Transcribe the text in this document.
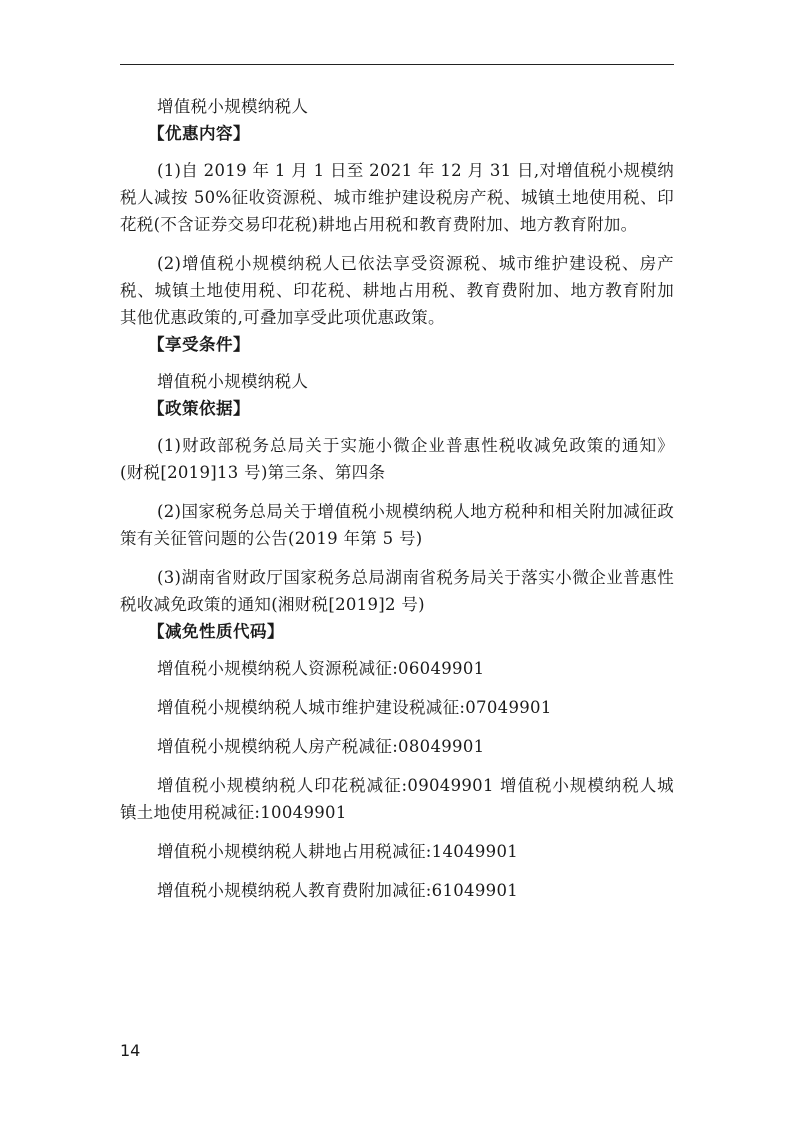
增值税小规模纳税人

【优惠内容】

(1)自 2019 年 1 月 1 日至 2021 年 12 月 31 日,对增值税小规模纳税人减按 50%征收资源税、城市维护建设税房产税、城镇土地使用税、印花税(不含证券交易印花税)耕地占用税和教育费附加、地方教育附加。

(2)增值税小规模纳税人已依法享受资源税、城市维护建设税、房产税、城镇土地使用税、印花税、耕地占用税、教育费附加、地方教育附加其他优惠政策的,可叠加享受此项优惠政策。

【享受条件】

增值税小规模纳税人

【政策依据】

(1)财政部税务总局关于实施小微企业普惠性税收减免政策的通知》(财税[2019]13 号)第三条、第四条

(2)国家税务总局关于增值税小规模纳税人地方税种和相关附加减征政策有关征管问题的公告(2019 年第 5 号)

(3)湖南省财政厅国家税务总局湖南省税务局关于落实小微企业普惠性税收减免政策的通知(湘财税[2019]2 号)

【减免性质代码】

增值税小规模纳税人资源税减征:06049901

增值税小规模纳税人城市维护建设税减征:07049901

增值税小规模纳税人房产税减征:08049901

增值税小规模纳税人印花税减征:09049901 增值税小规模纳税人城镇土地使用税减征:10049901

增值税小规模纳税人耕地占用税减征:14049901

增值税小规模纳税人教育费附加减征:61049901

14
